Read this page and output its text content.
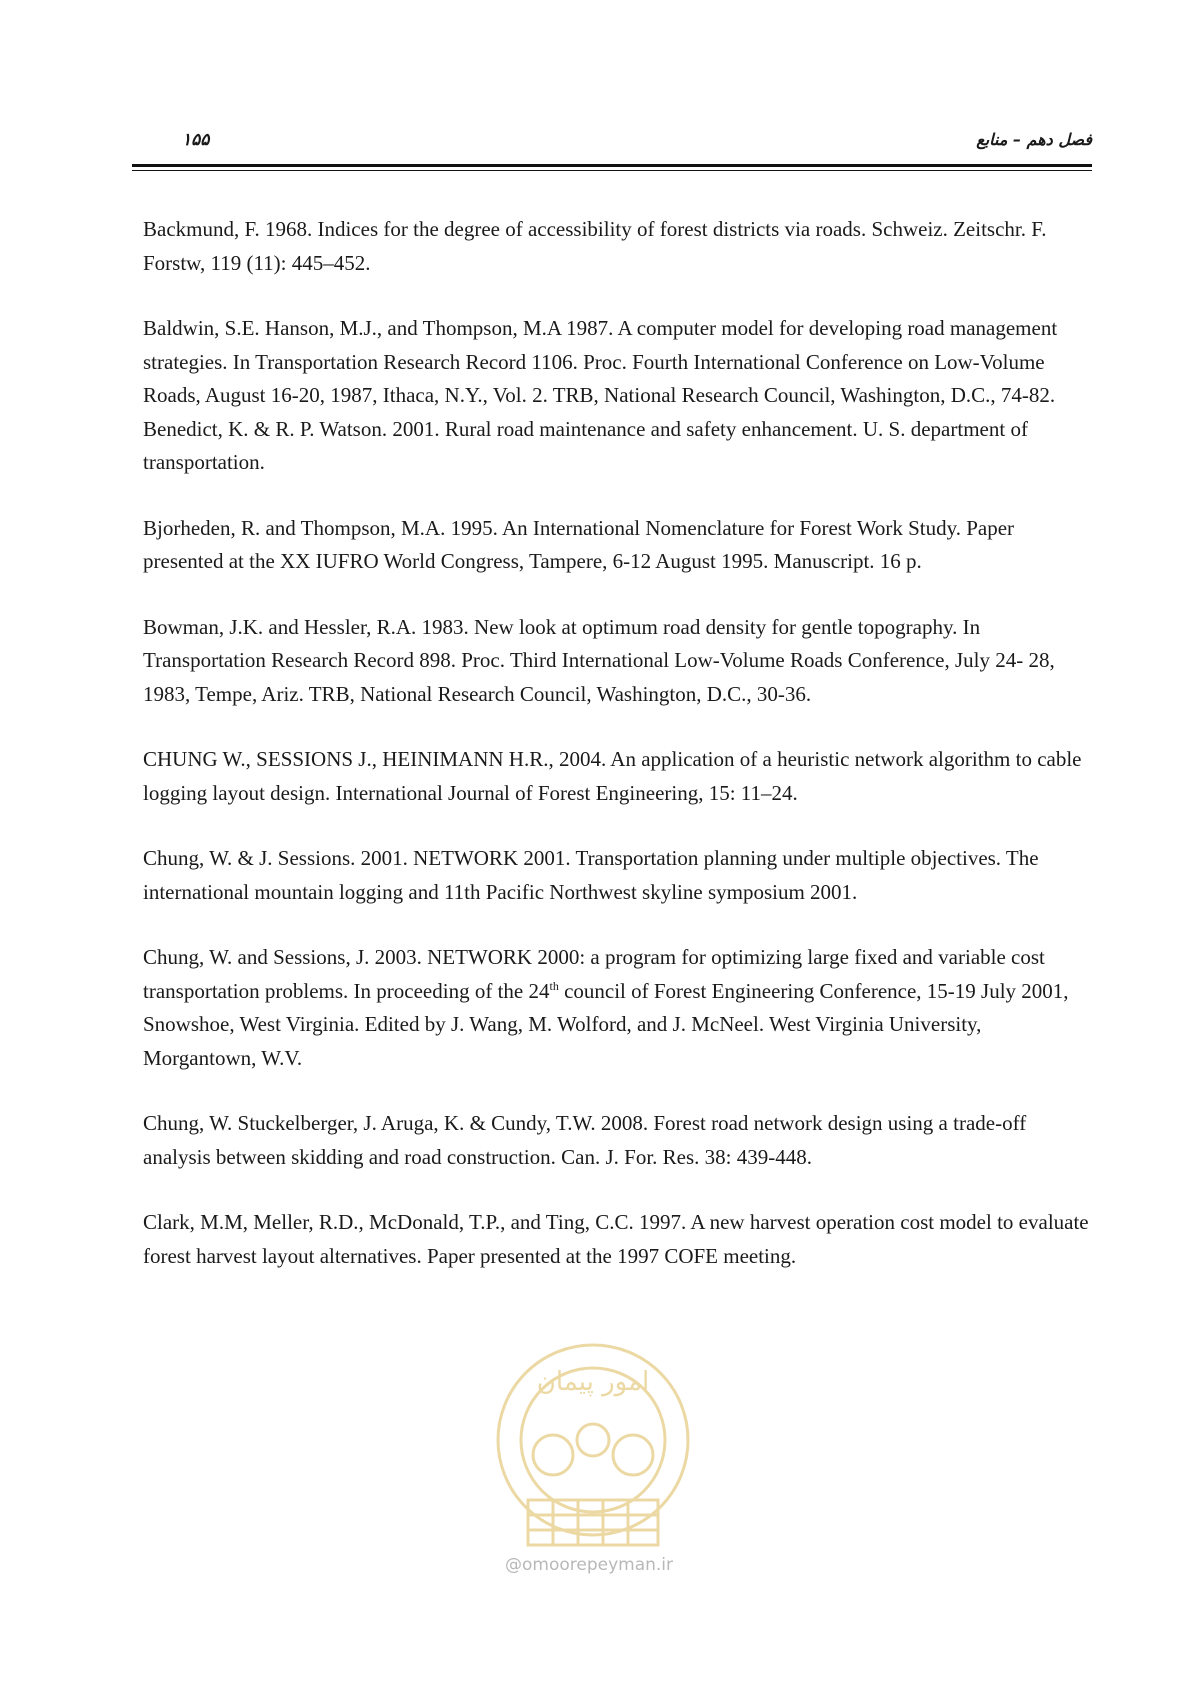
۱۵۵	فصل دهم – منابع
Backmund, F. 1968. Indices for the degree of accessibility of forest districts via roads. Schweiz. Zeitschr. F. Forstw, 119 (11): 445–452.
Baldwin, S.E. Hanson, M.J., and Thompson, M.A 1987. A computer model for developing road management strategies. In Transportation Research Record 1106. Proc. Fourth International Conference on Low-Volume Roads, August 16-20, 1987, Ithaca, N.Y., Vol. 2. TRB, National Research Council, Washington, D.C., 74-82.
Benedict, K. & R. P. Watson. 2001. Rural road maintenance and safety enhancement. U. S. department of transportation.
Bjorheden, R. and Thompson, M.A. 1995. An International Nomenclature for Forest Work Study. Paper presented at the XX IUFRO World Congress, Tampere, 6-12 August 1995. Manuscript. 16 p.
Bowman, J.K. and Hessler, R.A. 1983. New look at optimum road density for gentle topography. In Transportation Research Record 898. Proc. Third International Low-Volume Roads Conference, July 24- 28, 1983, Tempe, Ariz. TRB, National Research Council, Washington, D.C., 30-36.
CHUNG W., SESSIONS J., HEINIMANN H.R., 2004. An application of a heuristic network algorithm to cable logging layout design. International Journal of Forest Engineering, 15: 11–24.
Chung, W. & J. Sessions. 2001. NETWORK 2001. Transportation planning under multiple objectives. The international mountain logging and 11th Pacific Northwest skyline symposium 2001.
Chung, W. and Sessions, J. 2003. NETWORK 2000: a program for optimizing large fixed and variable cost transportation problems. In proceeding of the 24th council of Forest Engineering Conference, 15-19 July 2001, Snowshoe, West Virginia. Edited by J. Wang, M. Wolford, and J. McNeel. West Virginia University, Morgantown, W.V.
Chung, W. Stuckelberger, J. Aruga, K. & Cundy, T.W. 2008. Forest road network design using a trade-off analysis between skidding and road construction. Can. J. For. Res. 38: 439-448.
Clark, M.M, Meller, R.D., McDonald, T.P., and Ting, C.C. 1997. A new harvest operation cost model to evaluate forest harvest layout alternatives. Paper presented at the 1997 COFE meeting.
امور پیمان
@omoorepeyman.ir
